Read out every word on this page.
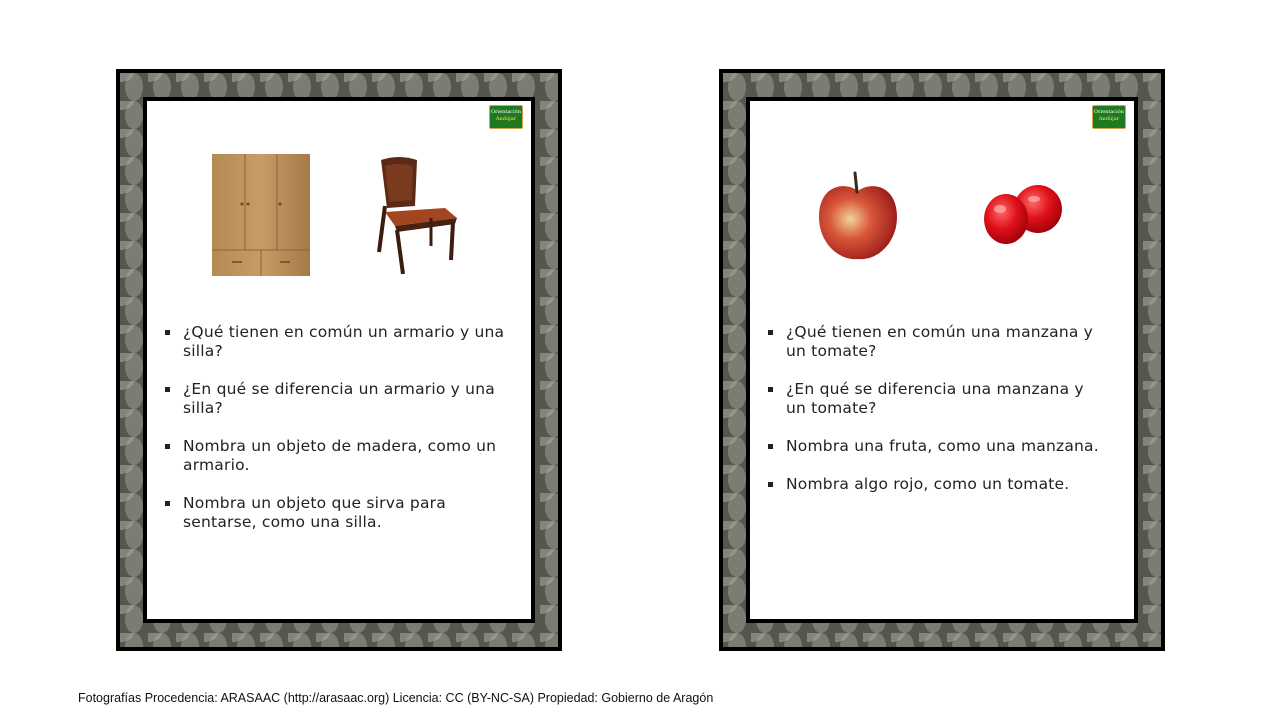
Orientación
Andújar
¿Qué tienen en común un armario y una silla?
¿En qué se diferencia un armario y una silla?
Nombra un objeto de madera, como un armario.
Nombra un objeto que sirva para sentarse, como una silla.
Orientación
Andújar
¿Qué tienen en común una manzana y un tomate?
¿En qué se diferencia una manzana y un tomate?
Nombra una fruta, como una manzana.
Nombra algo rojo, como un tomate.
Fotografías Procedencia: ARASAAC (http://arasaac.org) Licencia: CC (BY-NC-SA) Propiedad: Gobierno de Aragón
